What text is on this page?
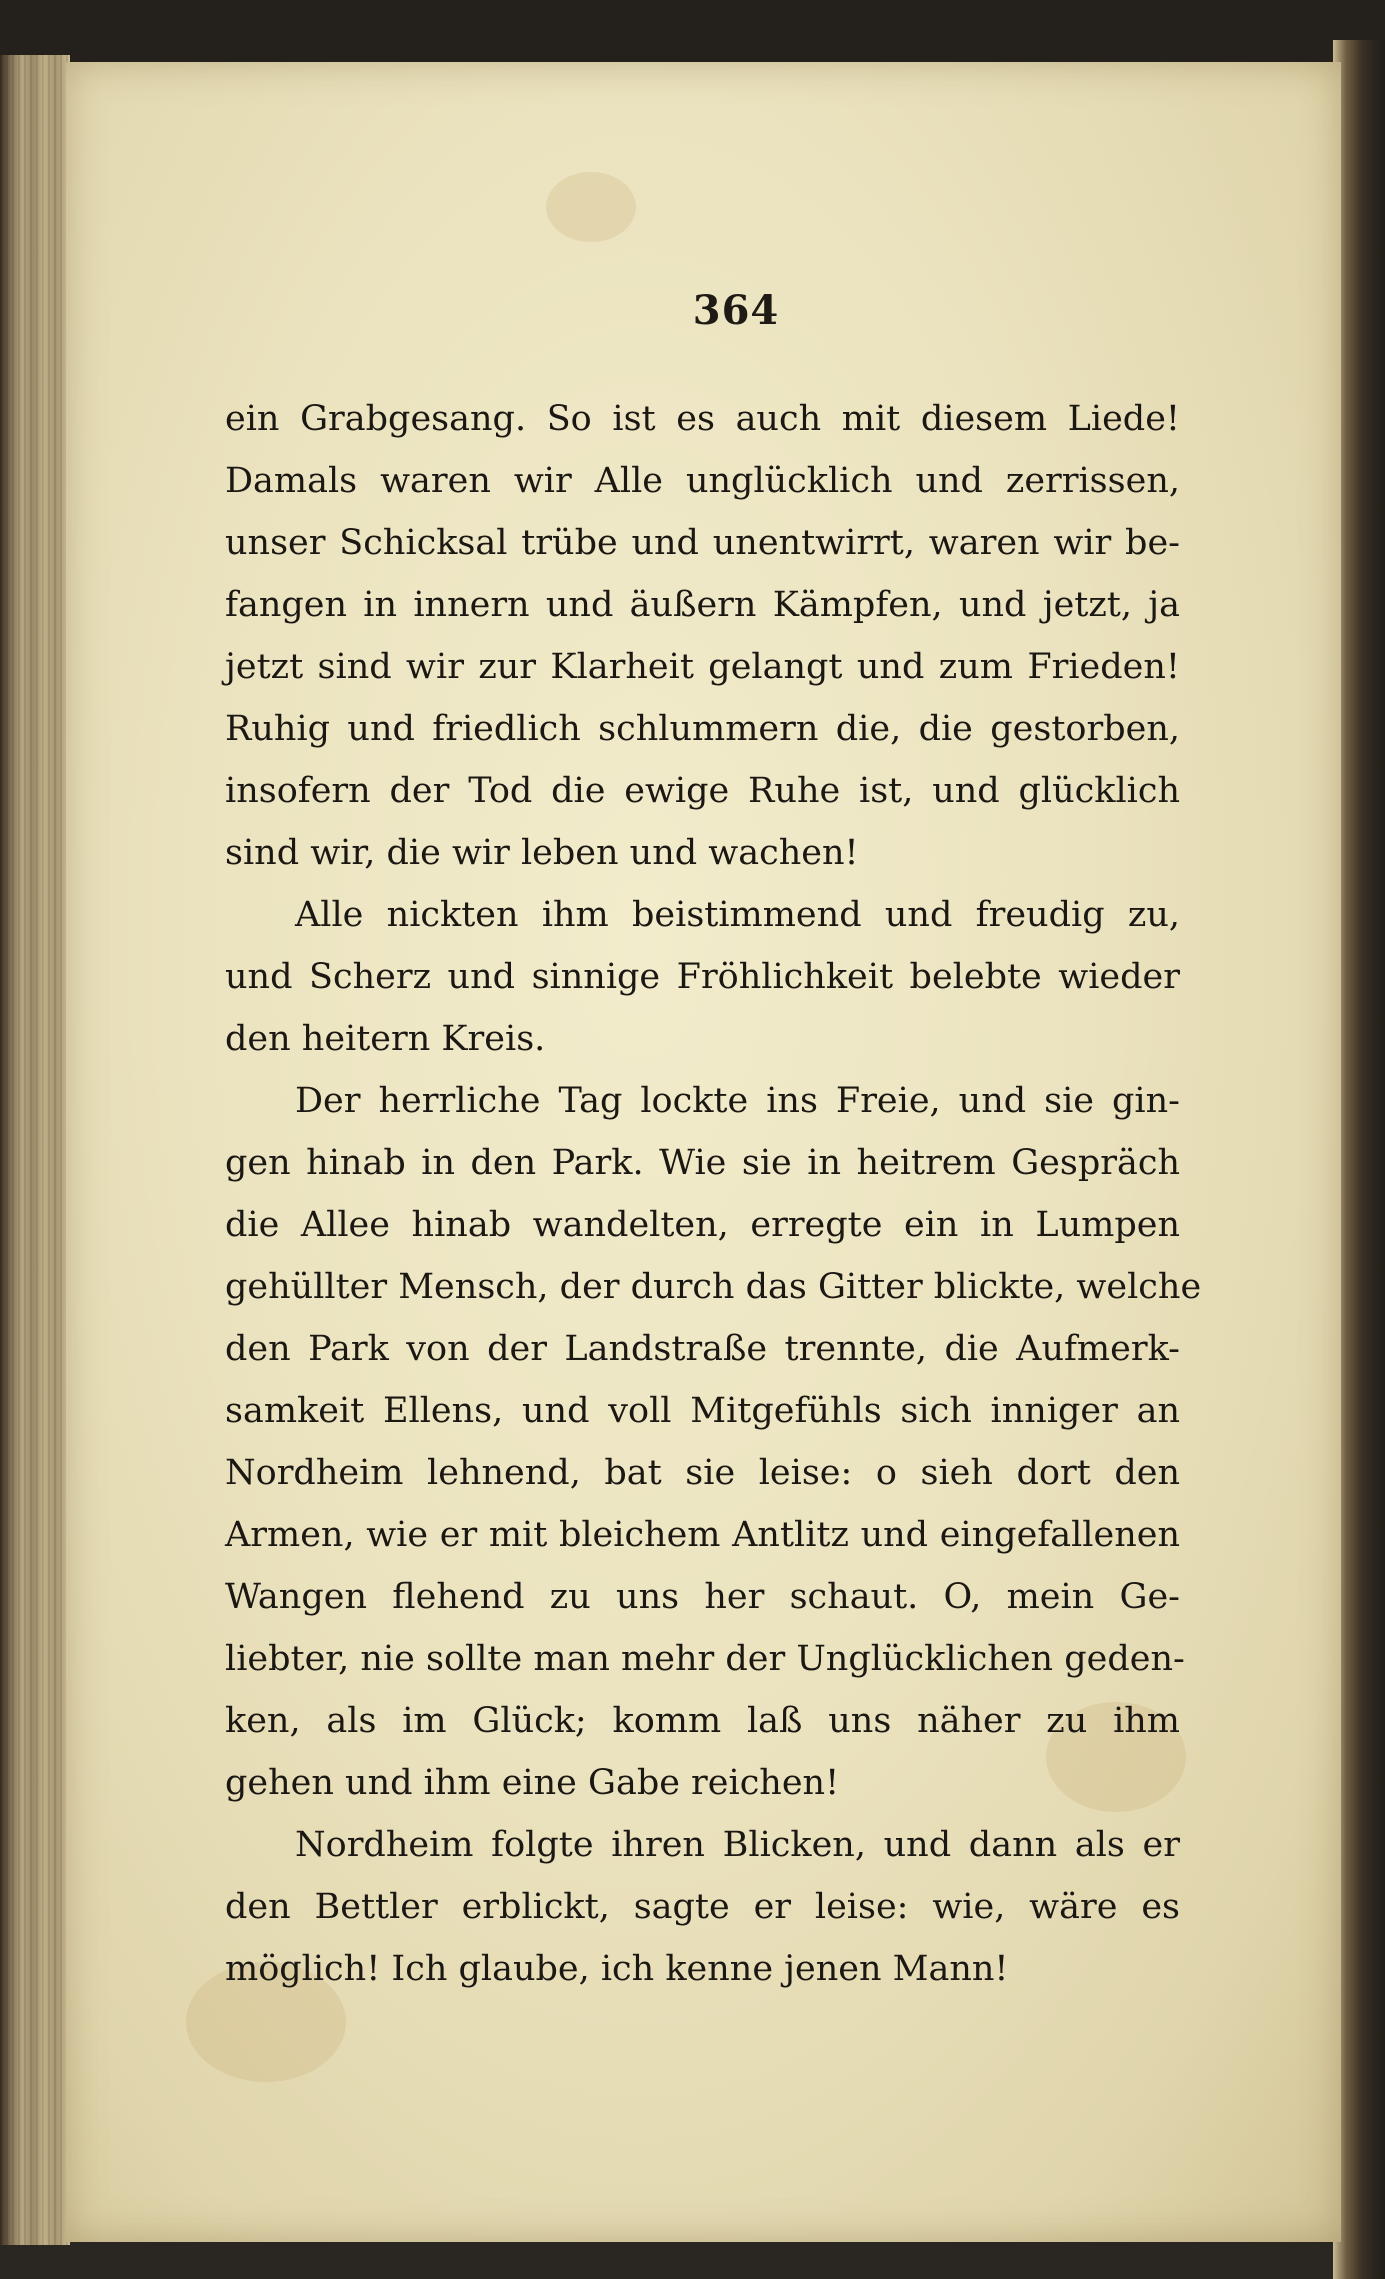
364
ein Grabgesang. So ist es auch mit diesem Liede!
Damals waren wir Alle unglücklich und zerrissen,
unser Schicksal trübe und unentwirrt, waren wir be-
fangen in innern und äußern Kämpfen, und jetzt, ja
jetzt sind wir zur Klarheit gelangt und zum Frieden!
Ruhig und friedlich schlummern die, die gestorben,
insofern der Tod die ewige Ruhe ist, und glücklich
sind wir, die wir leben und wachen!
Alle nickten ihm beistimmend und freudig zu,
und Scherz und sinnige Fröhlichkeit belebte wieder
den heitern Kreis.
Der herrliche Tag lockte ins Freie, und sie gin-
gen hinab in den Park. Wie sie in heitrem Gespräch
die Allee hinab wandelten, erregte ein in Lumpen
gehüllter Mensch, der durch das Gitter blickte, welche
den Park von der Landstraße trennte, die Aufmerk-
samkeit Ellens, und voll Mitgefühls sich inniger an
Nordheim lehnend, bat sie leise: o sieh dort den
Armen, wie er mit bleichem Antlitz und eingefallenen
Wangen flehend zu uns her schaut. O, mein Ge-
liebter, nie sollte man mehr der Unglücklichen geden-
ken, als im Glück; komm laß uns näher zu ihm
gehen und ihm eine Gabe reichen!
Nordheim folgte ihren Blicken, und dann als er
den Bettler erblickt, sagte er leise: wie, wäre es
möglich! Ich glaube, ich kenne jenen Mann!
